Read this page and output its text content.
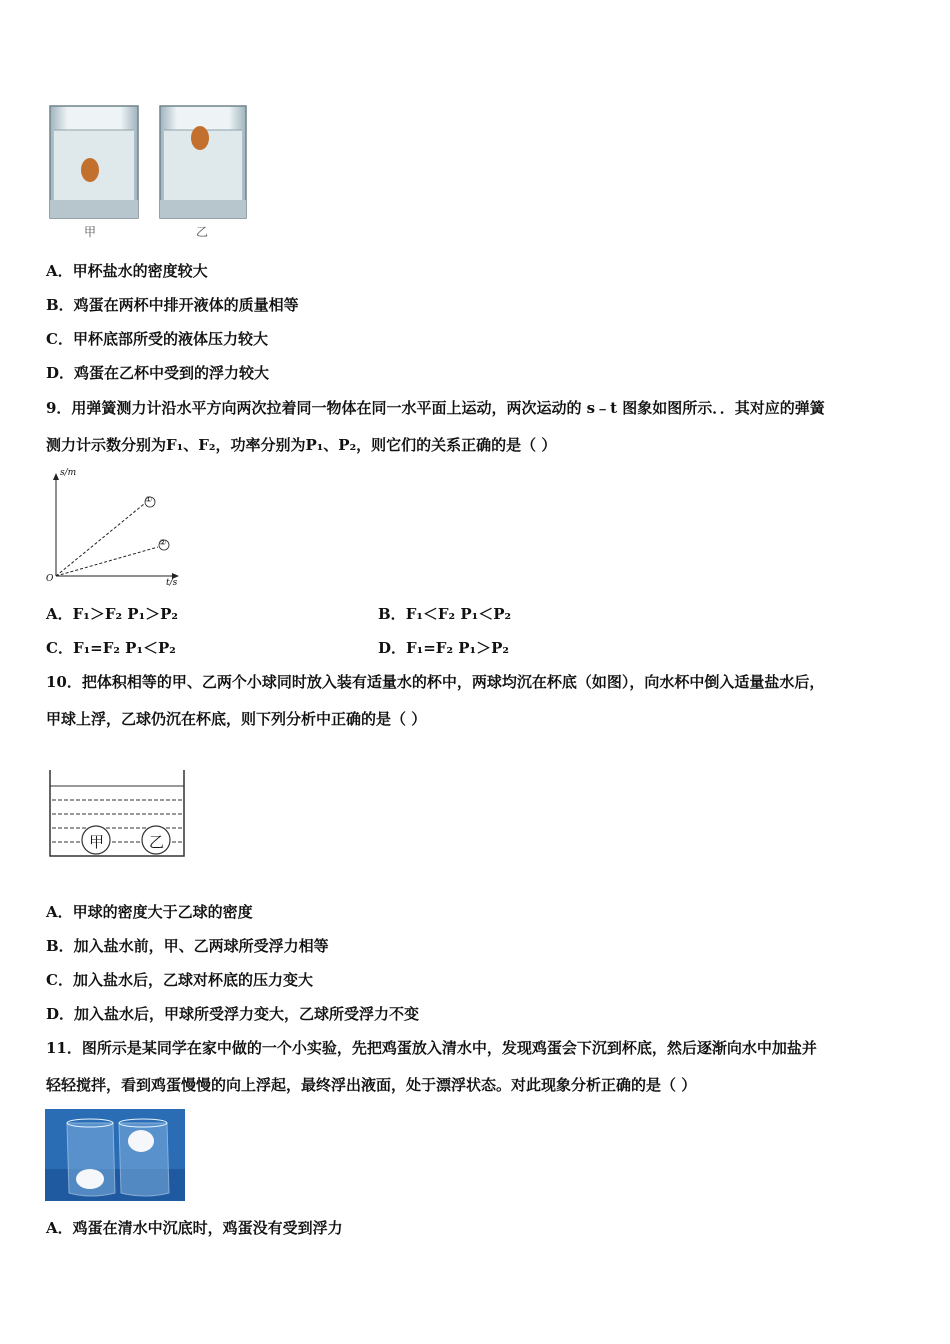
甲	乙
A．甲杯盐水的密度较大
B．鸡蛋在两杯中排开液体的质量相等
C．甲杯底部所受的液体压力较大
D．鸡蛋在乙杯中受到的浮力较大
9．用弹簧测力计沿水平方向两次拉着同一物体在同一水平面上运动，两次运动的 s﹣t 图象如图所示．．其对应的弹簧
测力计示数分别为F₁、F₂，功率分别为P₁、P₂，则它们的关系正确的是（ ）
s/m
t/s
O
①
②
A．F₁＞F₂ P₁＞P₂	B．F₁＜F₂ P₁＜P₂
C．F₁=F₂ P₁＜P₂	D．F₁=F₂ P₁＞P₂
10．把体积相等的甲、乙两个小球同时放入装有适量水的杯中，两球均沉在杯底（如图），向水杯中倒入适量盐水后，
甲球上浮，乙球仍沉在杯底，则下列分析中正确的是（ ）
甲	乙
A．甲球的密度大于乙球的密度
B．加入盐水前，甲、乙两球所受浮力相等
C．加入盐水后，乙球对杯底的压力变大
D．加入盐水后，甲球所受浮力变大，乙球所受浮力不变
11．图所示是某同学在家中做的一个小实验，先把鸡蛋放入清水中，发现鸡蛋会下沉到杯底，然后逐渐向水中加盐并
轻轻搅拌，看到鸡蛋慢慢的向上浮起，最终浮出液面，处于漂浮状态。对此现象分析正确的是（ ）
A．鸡蛋在清水中沉底时，鸡蛋没有受到浮力
